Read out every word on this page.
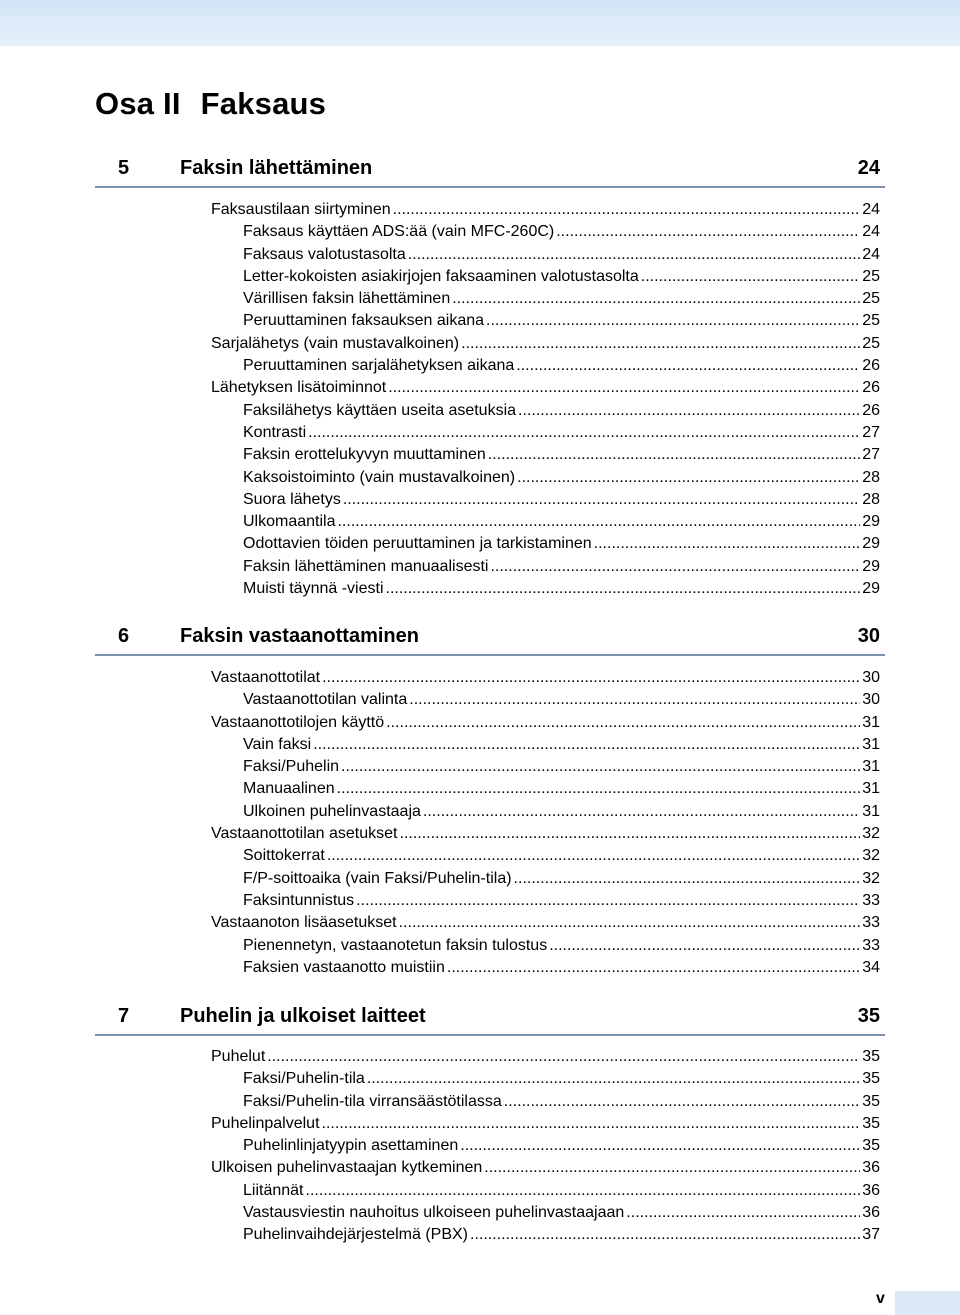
Osa II Faksaus
5	Faksin lähettäminen	24
Faksaustilaan siirtyminen .....	24
Faksaus käyttäen ADS:ää (vain MFC-260C) .....	24
Faksaus valotustasolta .....	24
Letter-kokoisten asiakirjojen faksaaminen valotustasolta .....	25
Värillisen faksin lähettäminen .....	25
Peruuttaminen faksauksen aikana .....	25
Sarjalähetys (vain mustavalkoinen) .....	25
Peruuttaminen sarjalähetyksen aikana .....	26
Lähetyksen lisätoiminnot .....	26
Faksilähetys käyttäen useita asetuksia .....	26
Kontrasti .....	27
Faksin erottelukyvyn muuttaminen .....	27
Kaksoistoiminto (vain mustavalkoinen) .....	28
Suora lähetys .....	28
Ulkomaantila .....	29
Odottavien töiden peruuttaminen ja tarkistaminen .....	29
Faksin lähettäminen manuaalisesti .....	29
Muisti täynnä -viesti .....	29
6	Faksin vastaanottaminen	30
Vastaanottotilat .....	30
Vastaanottotilan valinta .....	30
Vastaanottotilojen käyttö .....	31
Vain faksi .....	31
Faksi/Puhelin .....	31
Manuaalinen .....	31
Ulkoinen puhelinvastaaja .....	31
Vastaanottotilan asetukset .....	32
Soittokerrat .....	32
F/P-soittoaika (vain Faksi/Puhelin-tila) .....	32
Faksintunnistus .....	33
Vastaanoton lisäasetukset .....	33
Pienennetyn, vastaanotetun faksin tulostus .....	33
Faksien vastaanotto muistiin .....	34
7	Puhelin ja ulkoiset laitteet	35
Puhelut .....	35
Faksi/Puhelin-tila .....	35
Faksi/Puhelin-tila virransäästötilassa .....	35
Puhelinpalvelut .....	35
Puhelinlinjatyypin asettaminen .....	35
Ulkoisen puhelinvastaajan kytkeminen .....	36
Liitännät .....	36
Vastausviestin nauhoitus ulkoiseen puhelinvastaajaan .....	36
Puhelinvaihdejärjestelmä (PBX) .....	37
v
